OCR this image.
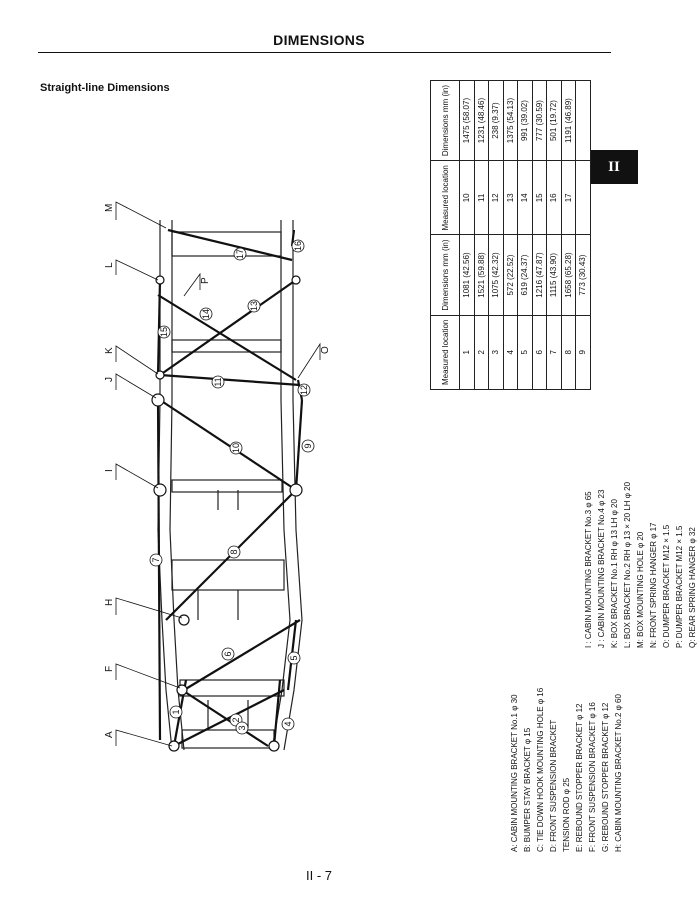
DIMENSIONS
Straight-line Dimensions
II
A
F
H
I
J
K
L
M
O
P
1
2
3
4
5
6
7
8
9
10
11
12
13
14
15
16
17
A: CABIN MOUNTING BRACKET No.1 φ 30 B: BUMPER STAY BRACKET φ 15 C: TIE DOWN HOOK MOUNTING HOLE φ 16 D: FRONT SUSPENSION BRACKET TENSION ROD φ 25 E: REBOUND STOPPER BRACKET φ 12 F: FRONT SUSPENSION BRACKET φ 16 G: REBOUND STOPPER BRACKET φ 12 H: CABIN MOUNTING BRACKET No.2 φ 60
I : CABIN MOUNTING BRACKET No.3 φ 65 J : CABIN MOUNTING BRACKET No.4 φ 23 K: BOX BRACKET No.1 RH φ 13 LH φ 20 L: BOX BRACKET No.2 RH φ 13 × 20 LH φ 20 M: BOX MOUNTING HOLE φ 20 N: FRONT SPRING HANGER φ 17 O: DUMPER BRACKET M12 × 1.5 P: DUMPER BRACKET M12 × 1.5 Q: REAR SPRING HANGER φ 32
Measured location	Dimensions mm (in)	Measured location	Dimensions mm (in)
1	1081 (42.56)	10	1475 (58.07)
2	1521 (59.88)	11	1231 (48.46)
3	1075 (42.32)	12	238 (9.37)
4	572 (22.52)	13	1375 (54.13)
5	619 (24.37)	14	991 (39.02)
6	1216 (47.87)	15	777 (30.59)
7	1115 (43.90)	16	501 (19.72)
8	1658 (65.28)	17	1191 (46.89)
9	773 (30.43)		
II - 7
